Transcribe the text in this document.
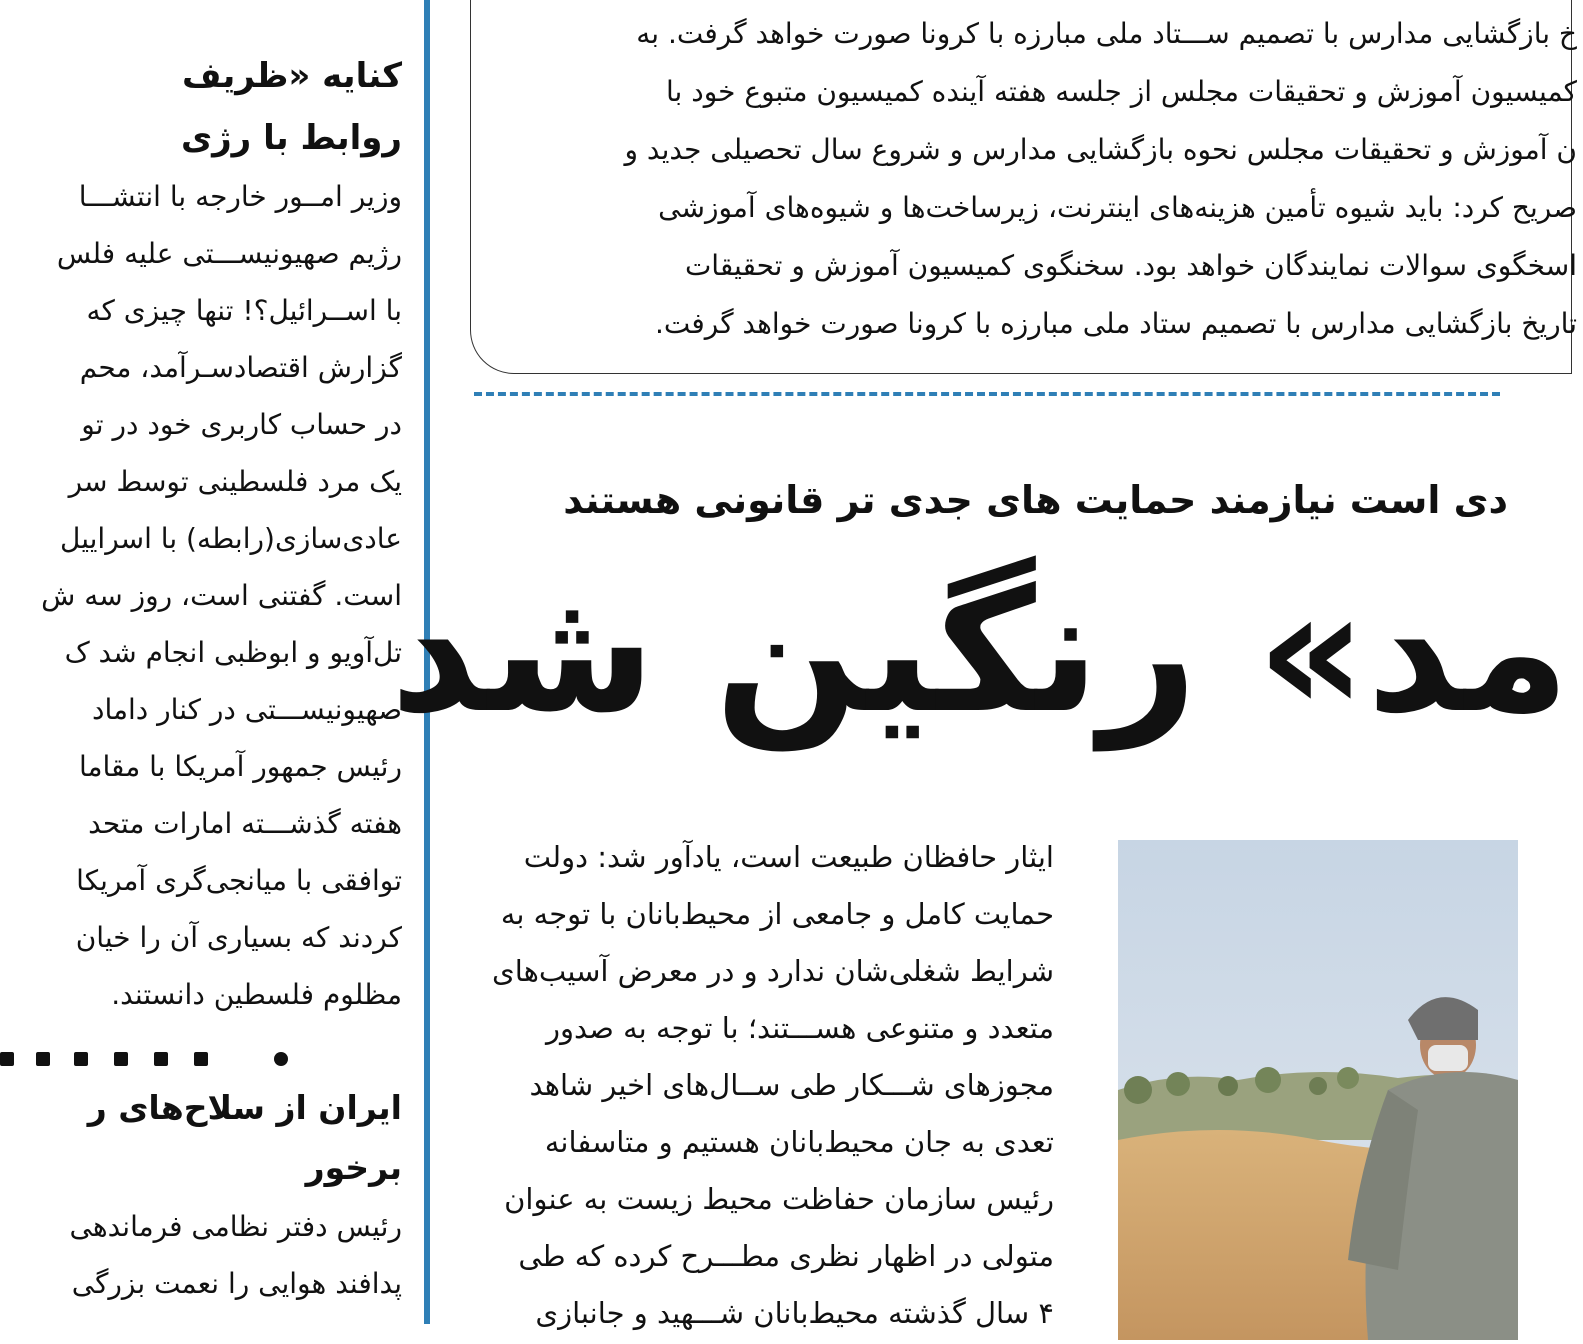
کنایه «ظریف
روابط با رژی
وزیر امــور خارجه با انتشـــا
رژیم صهیونیســـتی علیه فلس
با اســرائیل؟! تنها چیزی که
گزارش اقتصادسـرآمد، محم
در حساب کاربری خود در تو
یک مرد فلسطینی توسط سر
عادی‌سازی(رابطه) با اسراییل
است. گفتنی است، روز سه ش
تل‌آویو و ابوظبی انجام شد ک
صهیونیســـتی در کنار داماد
رئیس جمهور آمریکا با مقاما
هفته گذشـــته امارات متحد
توافقی با میانجی‌گری آمریکا
کردند که بسیاری آن را خیان
مظلوم فلسطین دانستند.
ایران از سلاح‌های ر
برخور
رئیس دفتر نظامی فرماندهی
پدافند هوایی را نعمت بزرگی
خ بازگشایی مدارس با تصمیم ســـتاد ملی مبارزه با کرونا صورت خواهد گرفت. به
کمیسیون آموزش و تحقیقات مجلس از جلسه هفته آینده کمیسیون متبوع خود با
ن آموزش و تحقیقات مجلس نحوه بازگشایی مدارس و شروع سال تحصیلی جدید و
صریح کرد: باید شیوه تأمین هزینه‌های اینترنت، زیرساخت‌ها و شیوه‌های آموزشی
اسخگوی سوالات نمایندگان خواهد بود. سخنگوی کمیسیون آموزش و تحقیقات
تاریخ بازگشایی مدارس با تصمیم ستاد ملی مبارزه با کرونا صورت خواهد گرفت.
دی است نیازمند حمایت های جدی تر قانونی هستند
مد» رنگین شد
ایثار حافظان طبیعت است، یادآور شد: دولت
حمایت کامل و جامعی از محیط‌بانان با توجه به
شرایط شغلی‌شان ندارد و در معرض آسیب‌های
متعدد و متنوعی هســـتند؛ با توجه به صدور
مجوزهای شـــکار طی ســال‌های اخیر شاهد
تعدی به جان محیط‌بانان هستیم و متاسفانه
رئیس سازمان حفاظت محیط زیست به عنوان
متولی در اظهار نظری مطـــرح کرده که طی
۴ سال گذشته محیط‌بانان شـــهید و جانبازی
